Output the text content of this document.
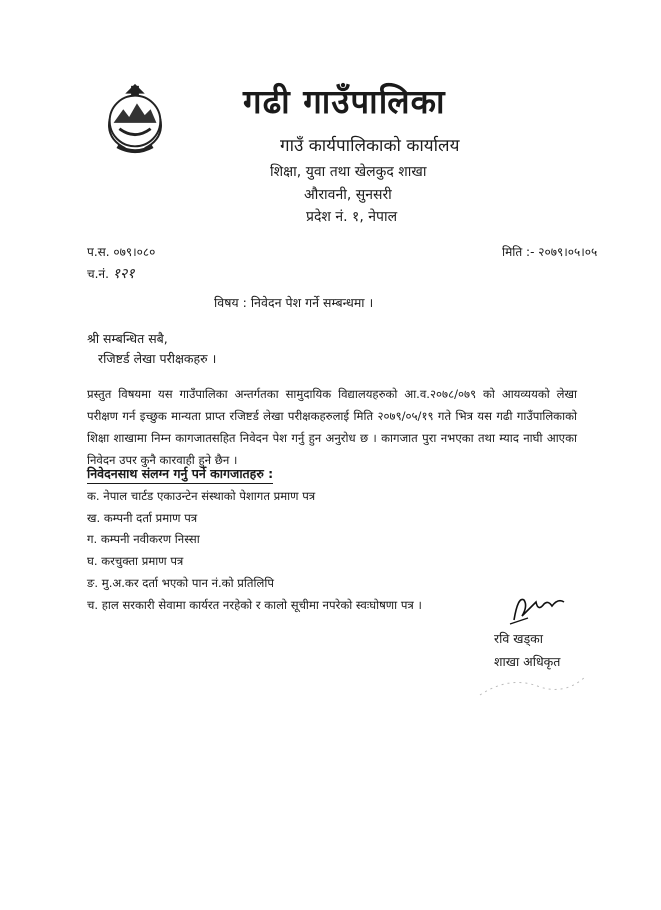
गढी गाउँपालिका
गाउँ कार्यपालिकाको कार्यालय
शिक्षा, युवा तथा खेलकुद शाखा
औरावनी, सुनसरी
प्रदेश नं. १, नेपाल
प.स. ०७९।०८०
च.नं. १२१
मिति :- २०७९।०५।०५
विषय : निवेदन पेश गर्ने सम्बन्धमा ।
श्री सम्बन्धित सबै,
रजिष्टर्ड लेखा परीक्षकहरु ।
प्रस्तुत विषयमा यस गाउँपालिका अन्तर्गतका सामुदायिक विद्यालयहरुको आ.व.२०७८/०७९ को आयव्ययको लेखा परीक्षण गर्न इच्छुक मान्यता प्राप्त रजिष्टर्ड लेखा परीक्षकहरुलाई मिति २०७९/०५/१९ गते भित्र यस गढी गाउँपालिकाको शिक्षा शाखामा निम्न कागजातसहित निवेदन पेश गर्नु हुन अनुरोध छ । कागजात पुरा नभएका तथा म्याद नाघी आएका निवेदन उपर कुनै कारवाही हुने छैन ।
निवेदनसाथ संलग्न गर्नु पर्ने कागजातहरु :
क. नेपाल चार्टड एकाउन्टेन संस्थाको पेशागत प्रमाण पत्र
ख. कम्पनी दर्ता प्रमाण पत्र
ग. कम्पनी नवीकरण निस्सा
घ. करचुक्ता प्रमाण पत्र
ङ. मु.अ.कर दर्ता भएको पान नं.को प्रतिलिपि
च. हाल सरकारी सेवामा कार्यरत नरहेको र कालो सूचीमा नपरेको स्वःघोषणा पत्र ।
रवि खड्का
शाखा अधिकृत
